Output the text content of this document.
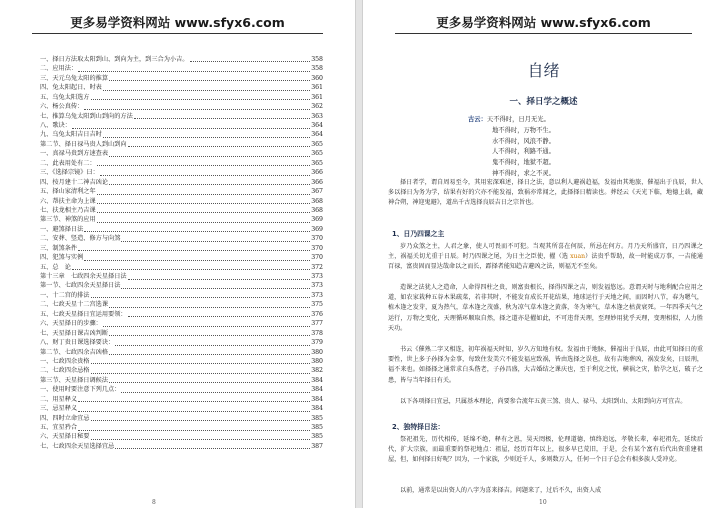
更多易学资料网站 www.sfyx6.com
一、择日方法取太阳到山、到向为主，到三合为小吉。	358
二、应用法：	358
三、天元乌兔太阳的推算	360
四、兔太阳起日、时表	361
五、乌兔太阳选方	361
六、杨公真传：	362
七、推算乌兔太阳到山到向的方法	363
八、歌诀：	364
九、乌兔太阳吉日吉时	364
第二节、择日禄马贵人到山到向	365
一、真禄马贵到方速查表	365
二、此表用处有二：	365
三、《选择宗镜》曰：	366
四、按月建十二神吉凶论	366
五、择山家清利之年	367
六、帮扶主命为上课	368
七、扶龙相主乃吉课	368
第三节、神煞的应用	369
一、避煞择日法	369
二、安葬、竖造、修方与向煞	370
三、制煞条件	370
四、犯煞与实例	370
五、总　论	372
第十三章　七政四余天星择日法	373
第一节、七政四余天星择日法	373
一、十二宫的排法	373
二、七政天星十二宫选课	375
五、七政天星择日宜运用要领：	376
六、天星择日的步骤：	377
七、天星择日课吉凶判断	378
八、财丁贵日课选择要诀：	379
第二节、七政四余吉凶格	380
一、七政四余贵格	380
二、七政四余忌格	382
第三节、天星择日调候法	384
一、使用时要注意下列几点：	384
二、用星释义	384
三、忌星释义	384
四、四时立命宜忌	385
五、宜星矜合	385
六、天星择日秘要	385
七、七政四余天星选择宜忌	387
8
更多易学资料网站 www.sfyx6.com
自绪
一、择日学之概述
古云：天不得时，日月无光。
地不得时，万物不生。
水不得时，风浪不静。
人不得时，利路不通。
鬼不得时，地狱不超。
神不得时，求之不灵。

择日者学，谓自周易至今，其用宏深难述，择日之法，意以利人避祸趋福，发福由其地旅，催福出于良辰，世人多以择日为务为学，结果有好的穴亦不能发福，致祸亦常闻之，此择择日精读也。葬经云《天光下临，地德上载，藏神合朔，神迎鬼避》，道出千古选择良辰吉日之宗旨也。

1、日乃四课之主

岁乃众煞之主，人君之象，使人可畏而不可犯。当观其所喜在何辰，所忌在何方。月乃天所盛宫，日乃四课之主，祸福关切尤重于日辰。时乃四课之尾，为日主之臣使，擢（选 xuan）法贵乎帮助，故一时能成万事，一吉能通百禄，富贵固而显达哉命以之而长，霹择者能知趋吉避凶之法，则福无不至矣。

造课之法犹人之造命，人命得四柱之贵，则富贵根长，择得四课之吉，则发福悠远。意谓天时与地利配合应用之道，如农家栽种五谷木果疏菜，若非其时，不能发育成长开花结果，地球运行于天地之间，而因时八节，春为嗯气，植木逢之发芽，夏为热气，草木逢之茂盛，秋为凉气草木逢之黄落，冬为寒气，草木逢之枯黄衰死。一年四季天气之运行，万物之变化，天理循环顺取自然，择之道亦是擢如此，不可违背天理，至理妙用犹乎天理，变理相似，人力胜天功。

书云《催熟二字又相连，初年祸福天时知，岁久方知地有权。发福由于地脉，催福出于良辰，由此可知择日的重要性，世上多子孙择为金事，每致住发美穴不能发福应致祸，皆由选择之误也，故有吉地葬凶，祸发发矣，日辰刑，福不来也。如择择之通常求白头偕老，子孙昌盛，大吉婚结之课庆也，至于利克之忧，横祸之灾，胎孕之厄，破子之患，皆与当年择日有关。

以下各项择日宜忌，只属基本理论，尚要参合流年五黄三煞、贵人、禄马、太阳到山、太阳到向方可宜吉。

2、独特择日法：

祭祀祖先，历代相传，延绵不绝，释有之恩，昊天罔极，伦理道德，慎终追远，孝敬长辈，奉祀祖先，延续后代，扩大宗族，而最重要的祭祀地点：祖屋，经历百年以上，很多早已荒旧，于是，会有某个富有后代出资重建祖屋，但，如何择日好呢？因为，一个家族，少则近千人，多则数万人，任何一个日子总会有相多族人受冲克。

以前，通常是以出资人的八字为喜来择吉。问题来了，过后不久，出资人成

10
